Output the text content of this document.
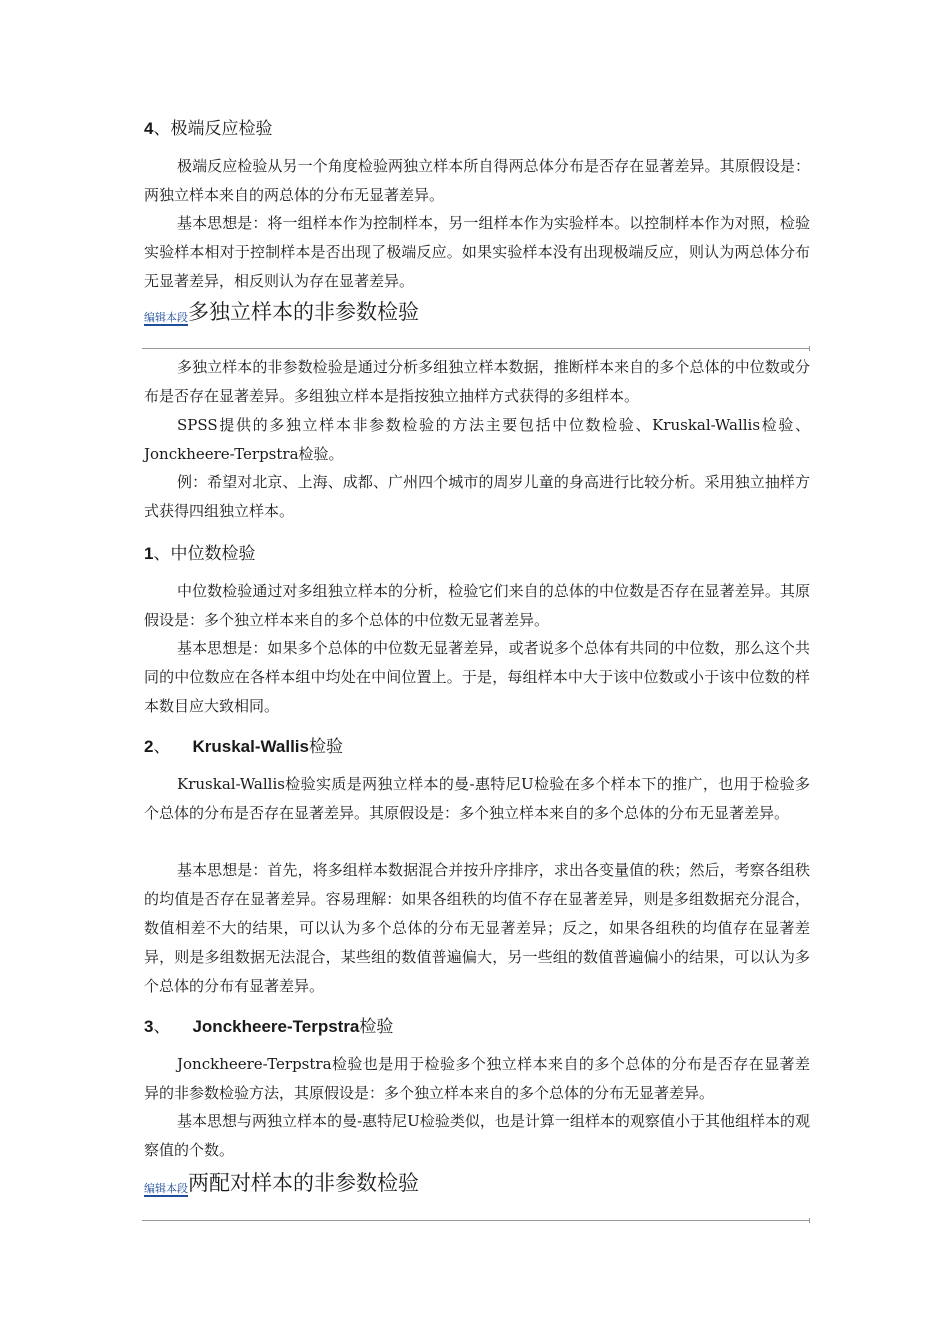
4、极端反应检验

极端反应检验从另一个角度检验两独立样本所自得两总体分布是否存在显著差异。其原假设是：两独立样本来自的两总体的分布无显著差异。

基本思想是：将一组样本作为控制样本，另一组样本作为实验样本。以控制样本作为对照，检验实验样本相对于控制样本是否出现了极端反应。如果实验样本没有出现极端反应，则认为两总体分布无显著差异，相反则认为存在显著差异。

编辑本段多独立样本的非参数检验

多独立样本的非参数检验是通过分析多组独立样本数据，推断样本来自的多个总体的中位数或分布是否存在显著差异。多组独立样本是指按独立抽样方式获得的多组样本。

SPSS提供的多独立样本非参数检验的方法主要包括中位数检验、Kruskal-Wallis检验、Jonckheere-Terpstra检验。

例：希望对北京、上海、成都、广州四个城市的周岁儿童的身高进行比较分析。采用独立抽样方式获得四组独立样本。

1、中位数检验

中位数检验通过对多组独立样本的分析，检验它们来自的总体的中位数是否存在显著差异。其原假设是：多个独立样本来自的多个总体的中位数无显著差异。

基本思想是：如果多个总体的中位数无显著差异，或者说多个总体有共同的中位数，那么这个共同的中位数应在各样本组中均处在中间位置上。于是，每组样本中大于该中位数或小于该中位数的样本数目应大致相同。

2、 Kruskal-Wallis检验

Kruskal-Wallis检验实质是两独立样本的曼-惠特尼U检验在多个样本下的推广，也用于检验多个总体的分布是否存在显著差异。其原假设是：多个独立样本来自的多个总体的分布无显著差异。

基本思想是：首先，将多组样本数据混合并按升序排序，求出各变量值的秩；然后，考察各组秩的均值是否存在显著差异。容易理解：如果各组秩的均值不存在显著差异，则是多组数据充分混合，数值相差不大的结果，可以认为多个总体的分布无显著差异；反之，如果各组秩的均值存在显著差异，则是多组数据无法混合，某些组的数值普遍偏大，另一些组的数值普遍偏小的结果，可以认为多个总体的分布有显著差异。

3、 Jonckheere-Terpstra检验

Jonckheere-Terpstra检验也是用于检验多个独立样本来自的多个总体的分布是否存在显著差异的非参数检验方法，其原假设是：多个独立样本来自的多个总体的分布无显著差异。

基本思想与两独立样本的曼-惠特尼U检验类似，也是计算一组样本的观察值小于其他组样本的观察值的个数。

编辑本段两配对样本的非参数检验
